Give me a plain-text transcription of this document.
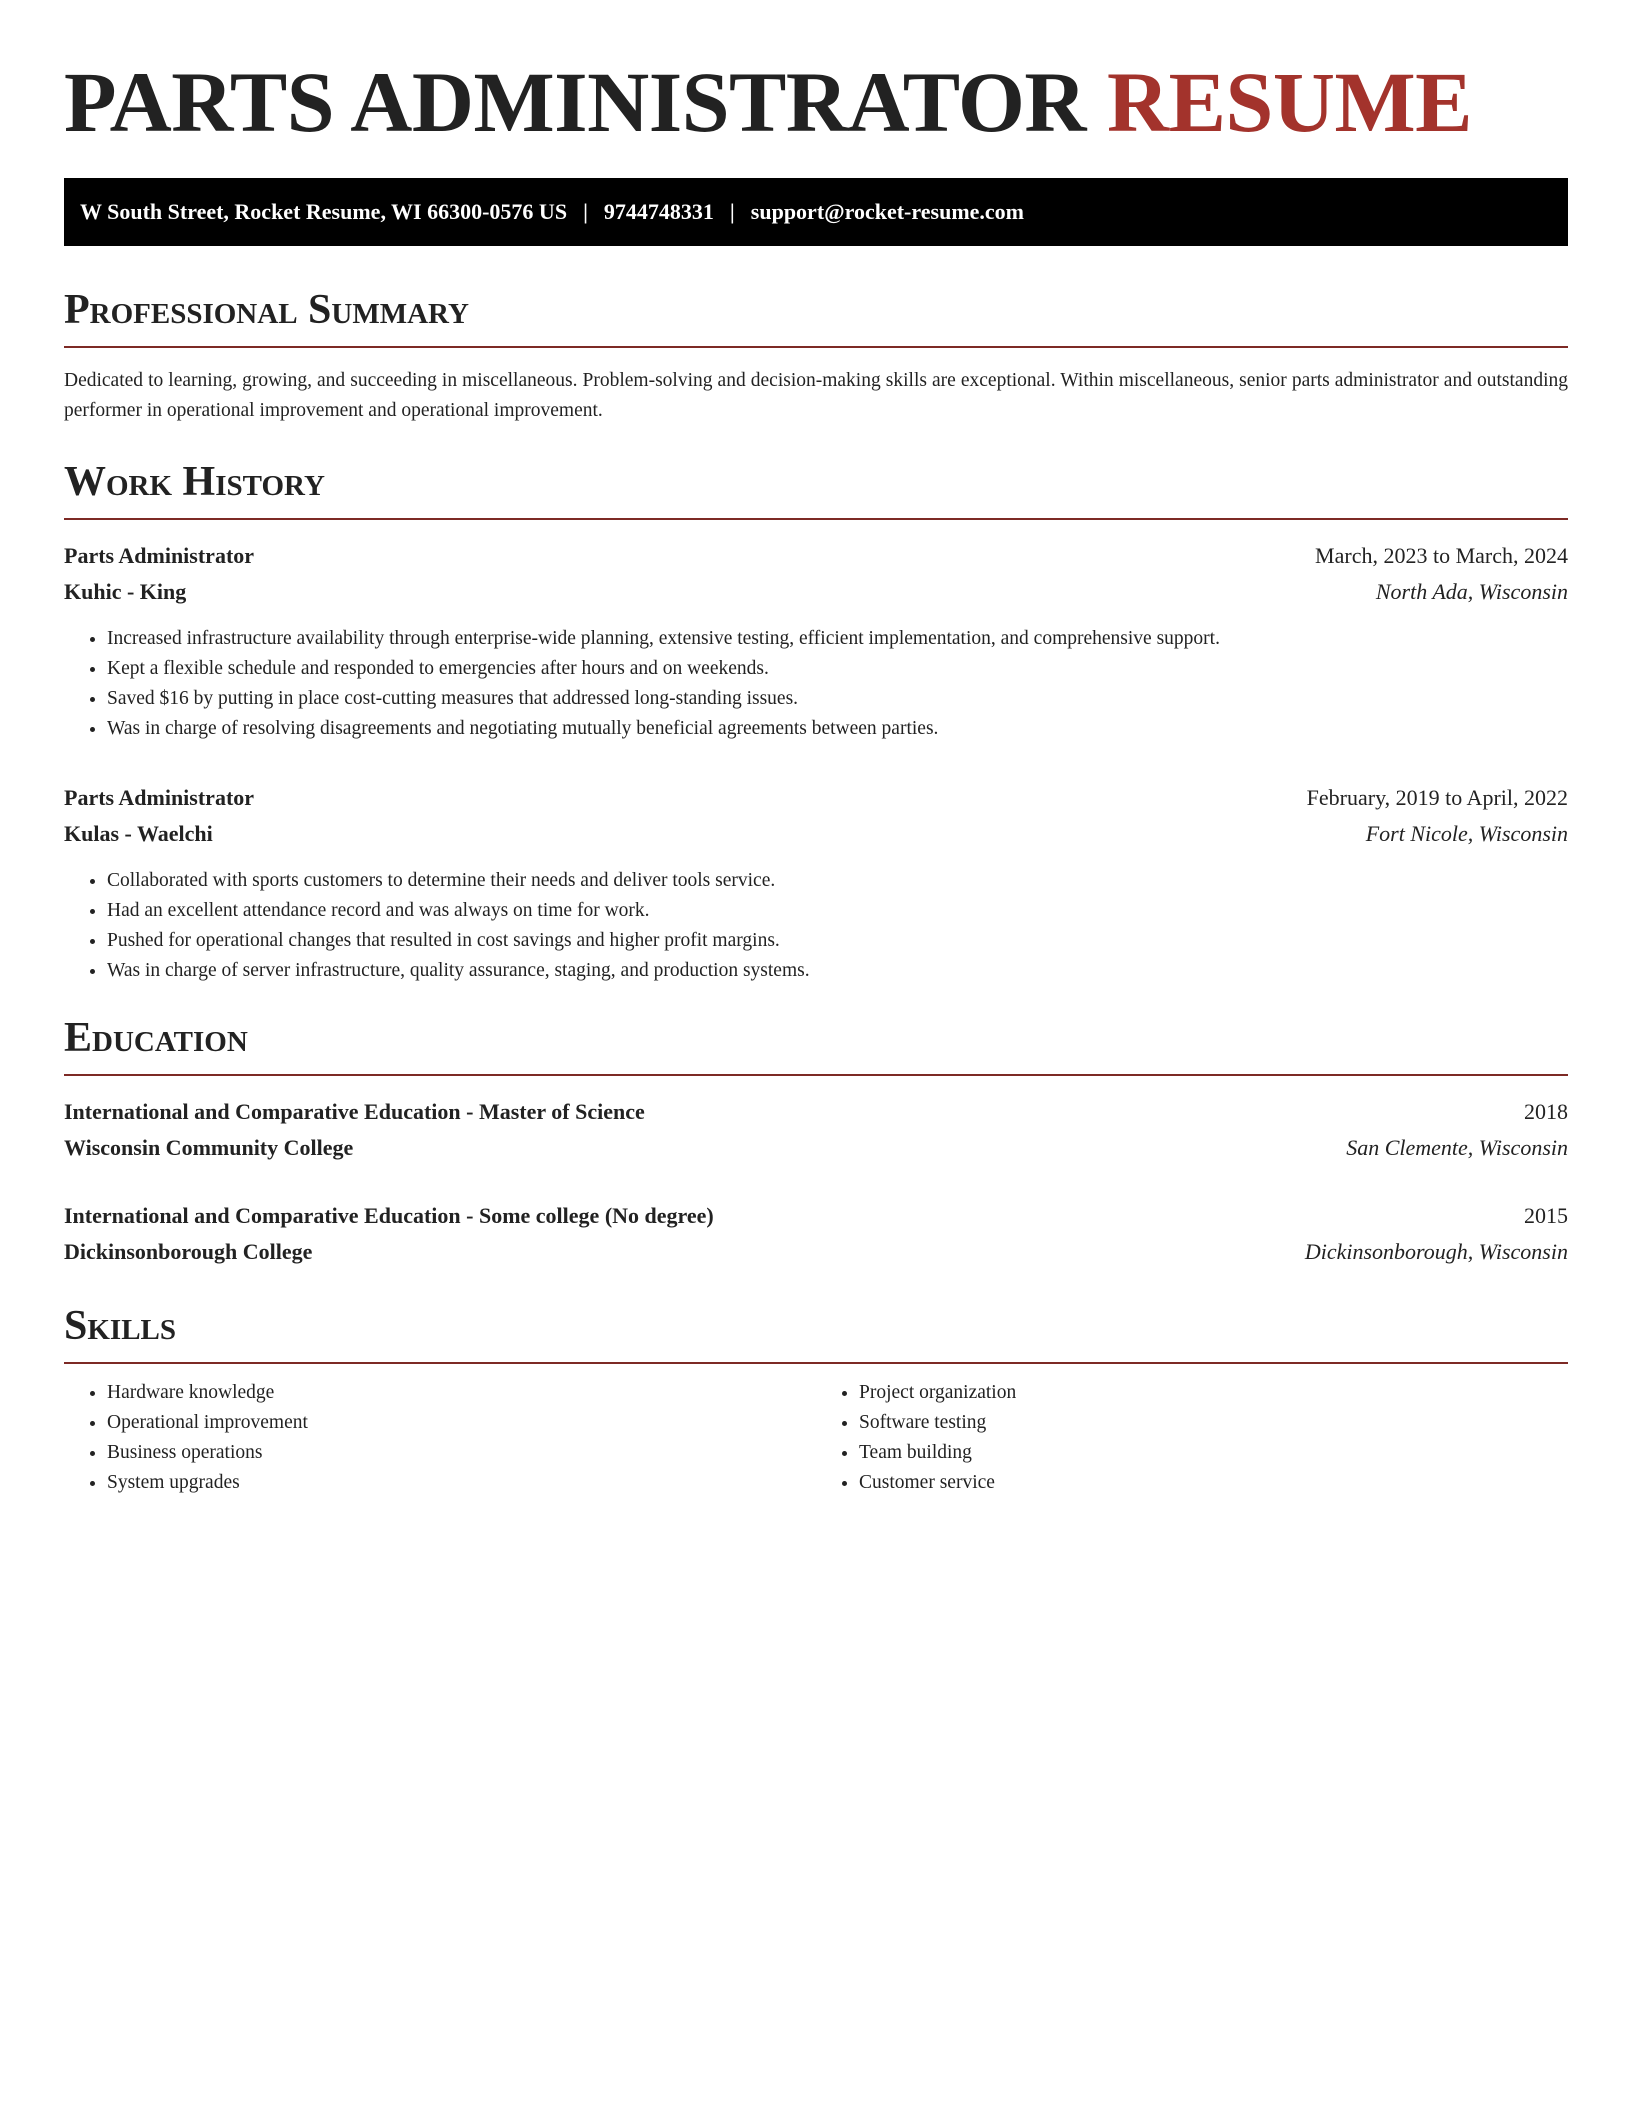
PARTS ADMINISTRATOR RESUME
W South Street, Rocket Resume, WI 66300-0576 US | 9744748331 | support@rocket-resume.com
Professional Summary

Dedicated to learning, growing, and succeeding in miscellaneous. Problem-solving and decision-making skills are exceptional. Within miscellaneous, senior parts administrator and outstanding performer in operational improvement and operational improvement.

Work History
Parts Administrator	March, 2023 to March, 2024
Kuhic - King	North Ada, Wisconsin
• Increased infrastructure availability through enterprise-wide planning, extensive testing, efficient implementation, and comprehensive support.
• Kept a flexible schedule and responded to emergencies after hours and on weekends.
• Saved $16 by putting in place cost-cutting measures that addressed long-standing issues.
• Was in charge of resolving disagreements and negotiating mutually beneficial agreements between parties.
Parts Administrator	February, 2019 to April, 2022
Kulas - Waelchi	Fort Nicole, Wisconsin
• Collaborated with sports customers to determine their needs and deliver tools service.
• Had an excellent attendance record and was always on time for work.
• Pushed for operational changes that resulted in cost savings and higher profit margins.
• Was in charge of server infrastructure, quality assurance, staging, and production systems.
Education
International and Comparative Education - Master of Science	2018
Wisconsin Community College	San Clemente, Wisconsin
International and Comparative Education - Some college (No degree)	2015
Dickinsonborough College	Dickinsonborough, Wisconsin
Skills
• Hardware knowledge
• Operational improvement
• Business operations
• System upgrades
• Project organization
• Software testing
• Team building
• Customer service
